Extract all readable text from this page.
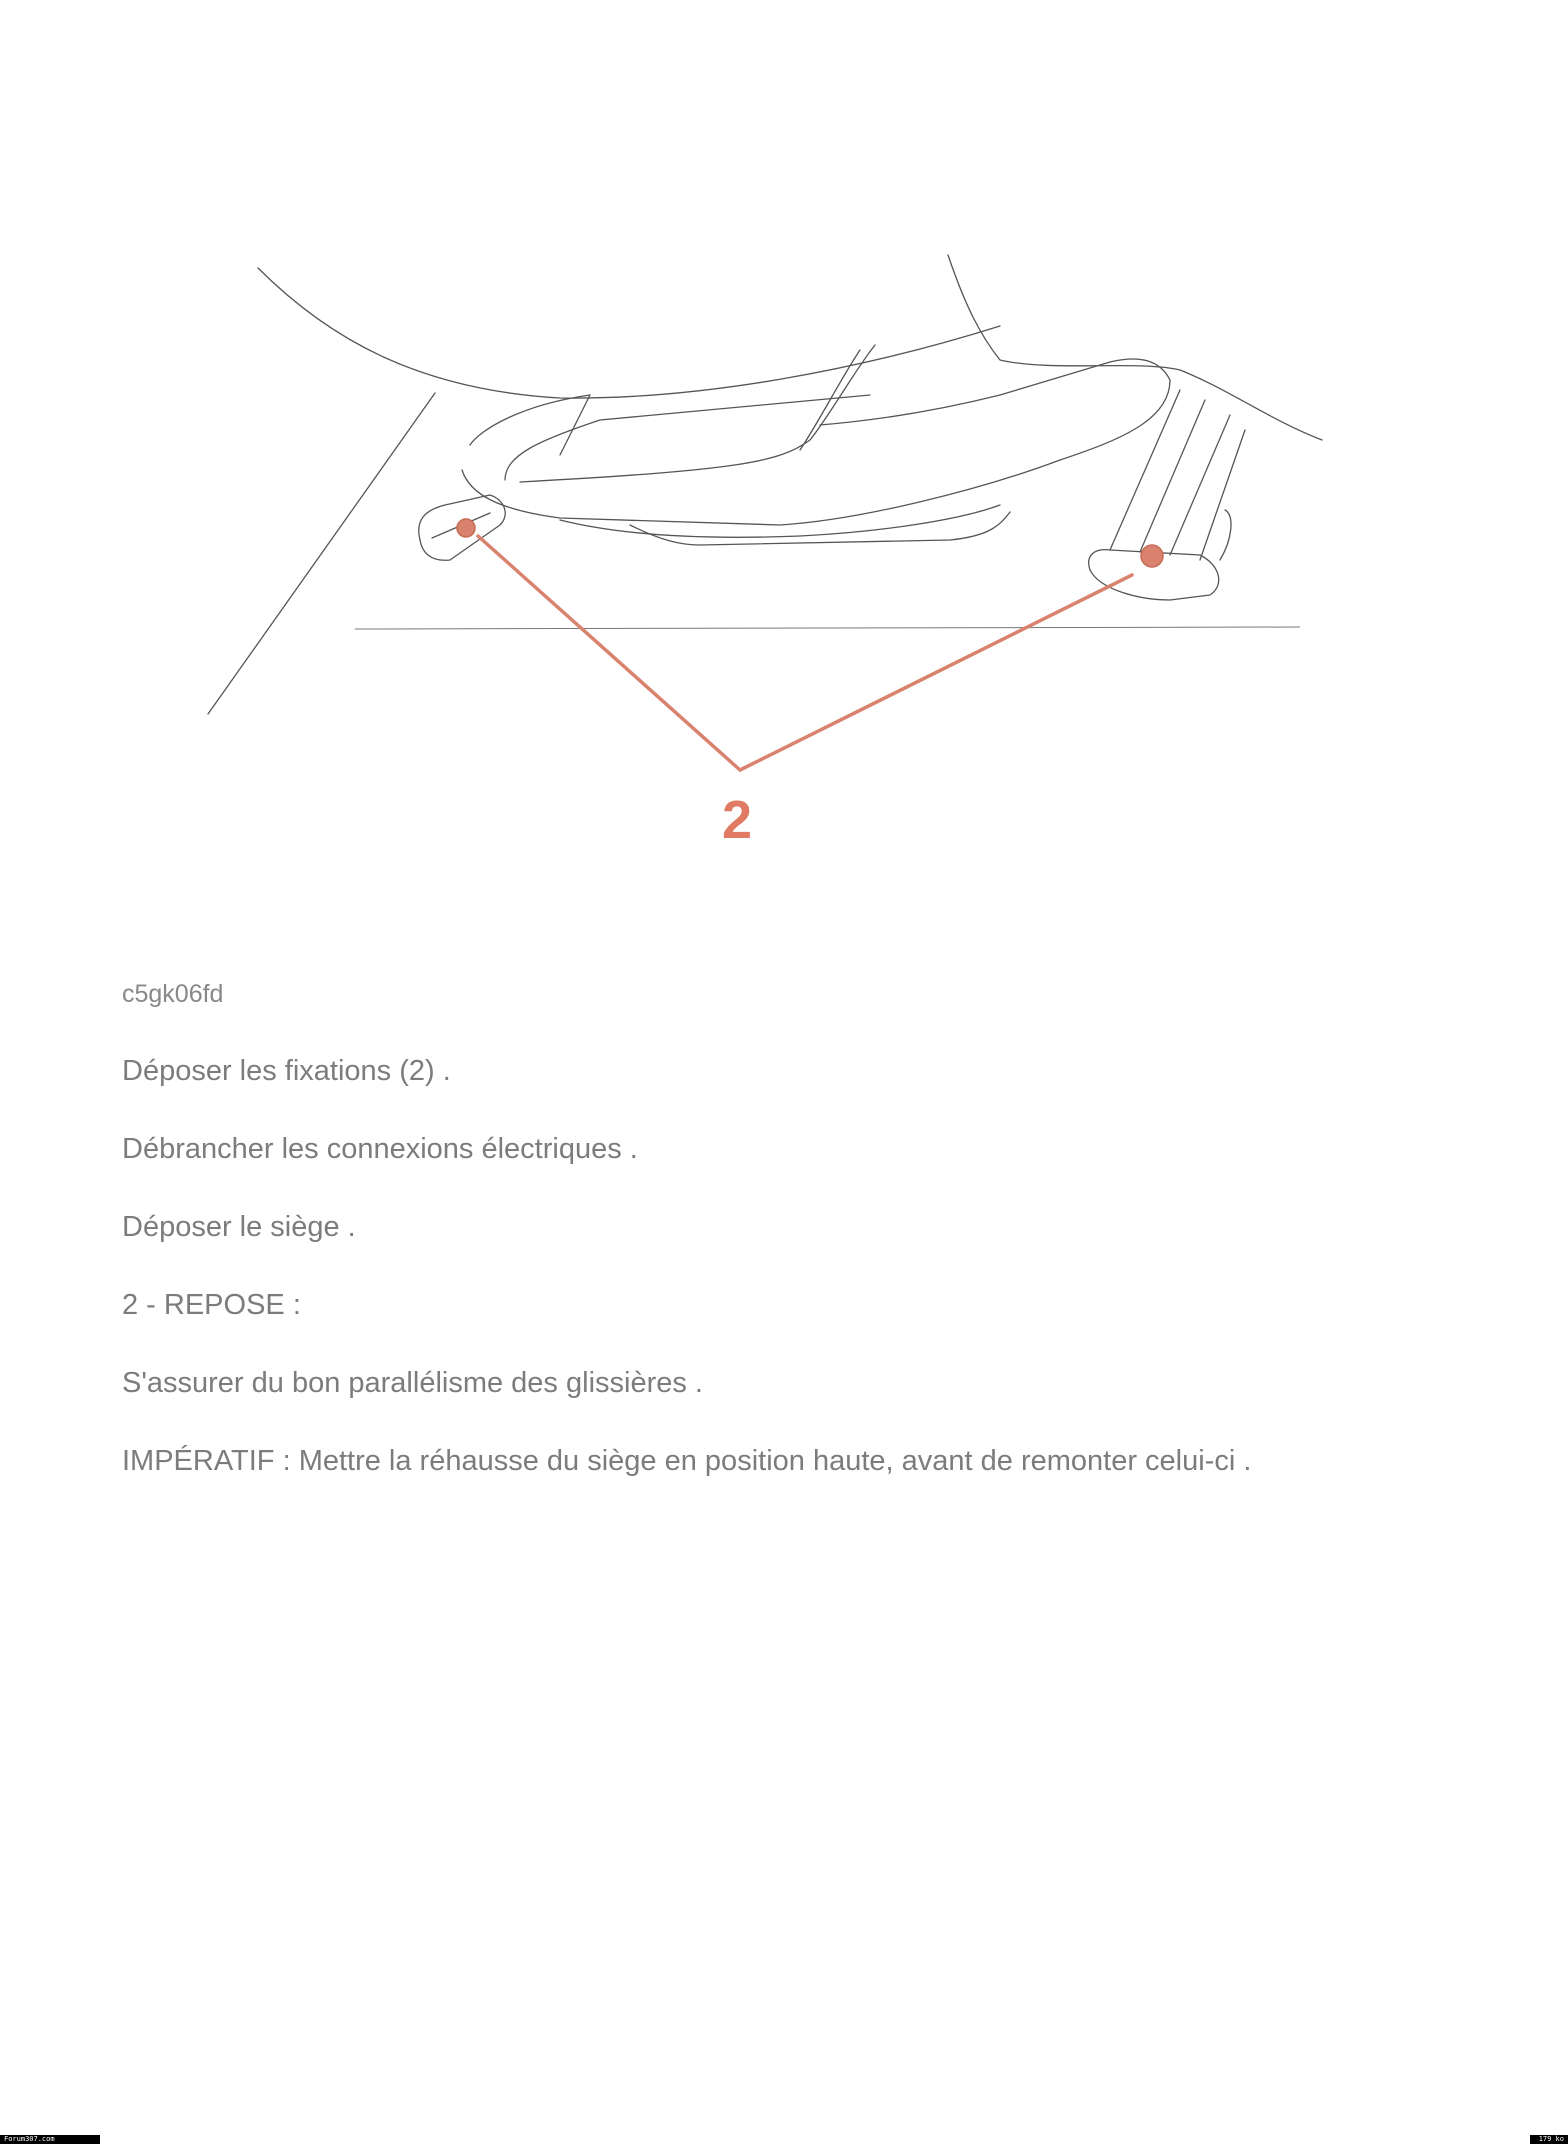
2

c5gk06fd

Déposer les fixations (2) .

Débrancher les connexions électriques .

Déposer le siège .

2 - REPOSE :

S'assurer du bon parallélisme des glissières .

IMPÉRATIF : Mettre la réhausse du siège en position haute, avant de remonter celui-ci .

Forum307.com	179 ko
